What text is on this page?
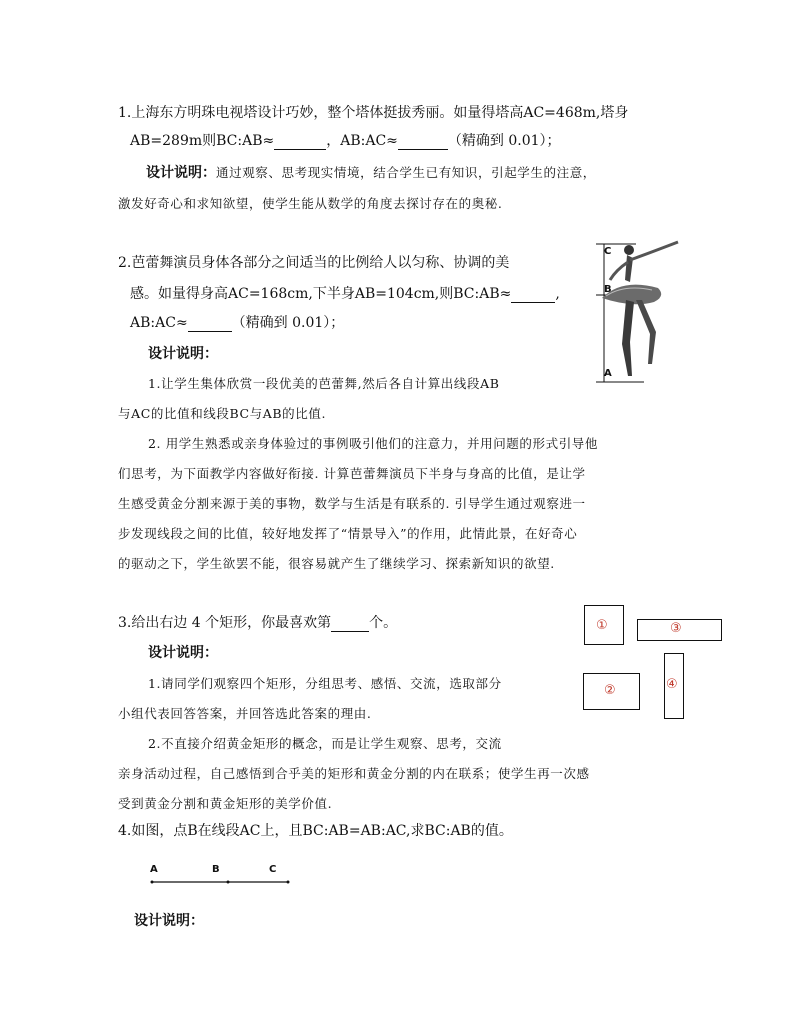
1.上海东方明珠电视塔设计巧妙，整个塔体挺拔秀丽。如量得塔高AC=468m,塔身
AB=289m则BC:AB≈	，AB:AC≈	（精确到 0.01）；
设计说明：通过观察、思考现实情境，结合学生已有知识，引起学生的注意，
激发好奇心和求知欲望，使学生能从数学的角度去探讨存在的奥秘.
2.芭蕾舞演员身体各部分之间适当的比例给人以匀称、协调的美
感。如量得身高AC=168cm,下半身AB=104cm,则BC:AB≈	,
AB:AC≈	（精确到 0.01）；
设计说明：
1.让学生集体欣赏一段优美的芭蕾舞,然后各自计算出线段AB
与AC的比值和线段BC与AB的比值.
2. 用学生熟悉或亲身体验过的事例吸引他们的注意力，并用问题的形式引导他
们思考，为下面教学内容做好衔接. 计算芭蕾舞演员下半身与身高的比值，是让学
生感受黄金分割来源于美的事物，数学与生活是有联系的. 引导学生通过观察进一
步发现线段之间的比值，较好地发挥了“情景导入”的作用，此情此景，在好奇心
的驱动之下，学生欲罢不能，很容易就产生了继续学习、探索新知识的欲望.
C
B
A
3.给出右边 4 个矩形，你最喜欢第	个。
设计说明：
1.请同学们观察四个矩形，分组思考、感悟、交流，选取部分
小组代表回答答案，并回答选此答案的理由.
2.不直接介绍黄金矩形的概念，而是让学生观察、思考，交流
亲身活动过程，自己感悟到合乎美的矩形和黄金分割的内在联系；使学生再一次感
受到黄金分割和黄金矩形的美学价值.
①
②
③
④
4.如图，点B在线段AC上，且BC:AB=AB:AC,求BC:AB的值。
A	B	C
设计说明：
